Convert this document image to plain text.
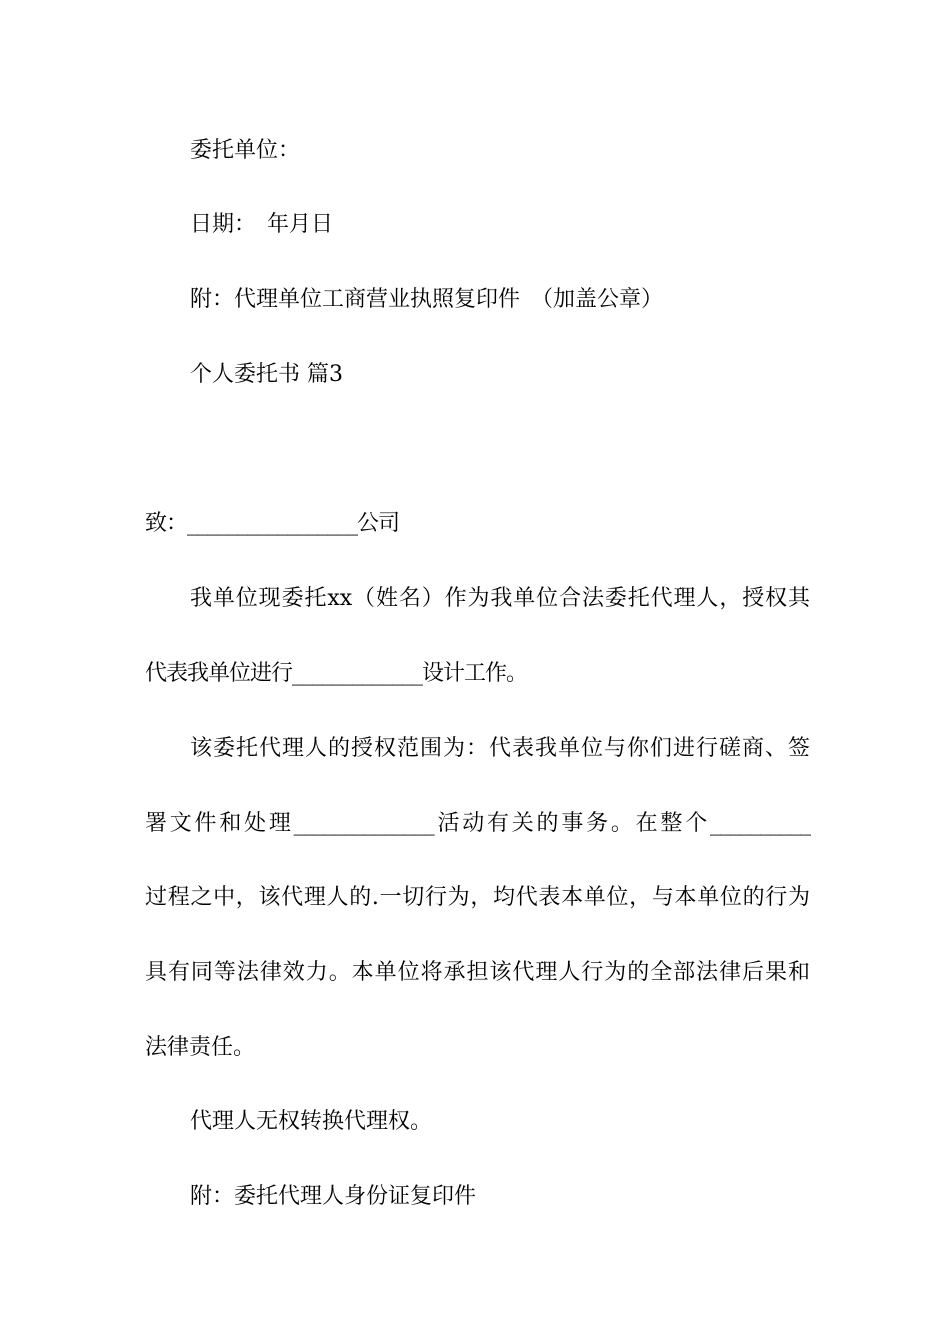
委托单位：
日期：　年月日
附：代理单位工商营业执照复印件　（加盖公章）
个人委托书 篇3
致：_________________公司
我单位现委托xx（姓名）作为我单位合法委托代理人，授权其
代表我单位进行_____________设计工作。
该委托代理人的授权范围为：代表我单位与你们进行磋商、签
署文件和处理______________活动有关的事务。在整个__________
过程之中，该代理人的.一切行为，均代表本单位，与本单位的行为
具有同等法律效力。本单位将承担该代理人行为的全部法律后果和
法律责任。
代理人无权转换代理权。
附：委托代理人身份证复印件
